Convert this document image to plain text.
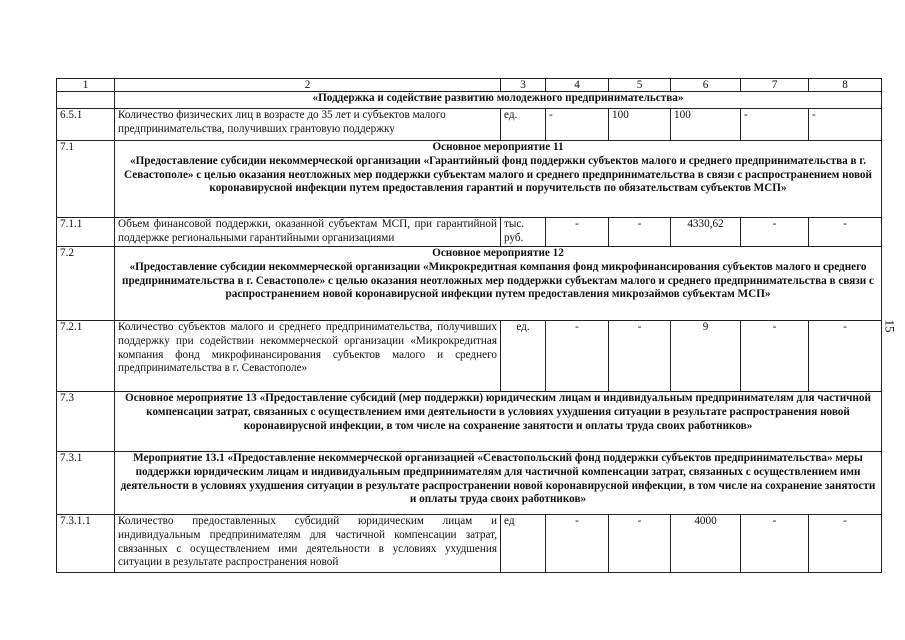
1	2	3	4	5	6	7	8
	«Поддержка и содействие развитию молодежного предпринимательства»						
6.5.1	Количество физических лиц в возрасте до 35 лет и субъектов малого предпринимательства, получивших грантовую поддержку	ед.	-	100	100	-	-
7.1	Основное мероприятие 11
«Предоставление субсидии некоммерческой организации «Гарантийный фонд поддержки субъектов малого и среднего предпринимательства в г. Севастополе» с целью оказания неотложных мер поддержки субъектам малого и среднего предпринимательства в связи с распространением новой коронавирусной инфекции путем предоставления гарантий и поручительств по обязательствам субъектов МСП»						

7.1.1	Объем финансовой поддержки, оказанной субъектам МСП, при гарантийной поддержке региональными гарантийными организациями	тыс. руб.	-	-	4330,62	-	-
7.2	Основное мероприятие 12
«Предоставление субсидии некоммерческой организации «Микрокредитная компания фонд микрофинансирования субъектов малого и среднего предпринимательства в г. Севастополе» с целью оказания неотложных мер поддержки субъектам малого и среднего предпринимательства в связи с распространением новой коронавирусной инфекции путем предоставления микрозаймов субъектам МСП»						

7.2.1	Количество субъектов малого и среднего предпринимательства, получивших поддержку при содействии некоммерческой организации «Микрокредитная компания фонд микрофинансирования субъектов малого и среднего предпринимательства в г. Севастополе»	ед.	-	-	9	-	-
7.3	Основное мероприятие 13 «Предоставление субсидий (мер поддержки) юридическим лицам и индивидуальным предпринимателям для частичной компенсации затрат, связанных с осуществлением ими деятельности в условиях ухудшения ситуации в результате распространения новой коронавирусной инфекции, в том числе на сохранение занятости и оплаты труда своих работников»						
7.3.1	Мероприятие 13.1 «Предоставление некоммерческой организацией «Севастопольский фонд поддержки субъектов предпринимательства» меры поддержки юридическим лицам и индивидуальным предпринимателям для частичной компенсации затрат, связанных с осуществлением ими деятельности в условиях ухудшения ситуации в результате распространении новой коронавирусной инфекции, в том числе на сохранение занятости и оплаты труда своих работников»						
7.3.1.1	Количество предоставленных субсидий юридическим лицам и индивидуальным предпринимателям для частичной компенсации затрат, связанных с осуществлением ими деятельности в условиях ухудшения ситуации в результате распространения новой	ед	-	-	4000	-	-
15
